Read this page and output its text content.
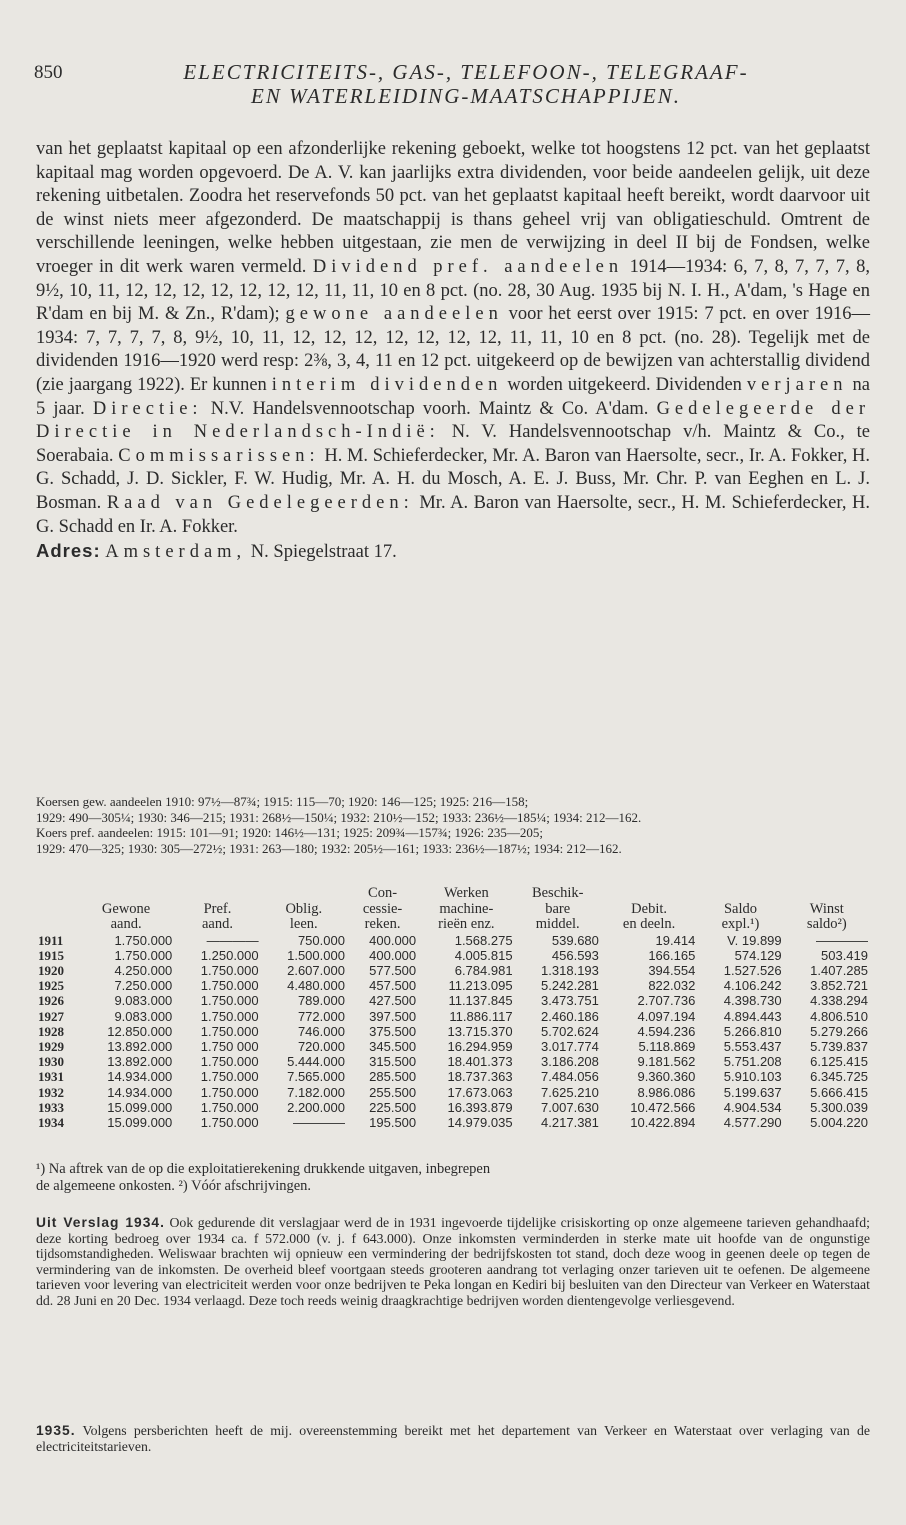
850	ELECTRICITEITS-, GAS-, TELEFOON-, TELEGRAAF-
EN WATERLEIDING-MAATSCHAPPIJEN.

van het geplaatst kapitaal op een afzonderlijke rekening geboekt, welke tot hoogstens 12 pct. van het geplaatst kapitaal mag worden opgevoerd. De A. V. kan jaarlijks extra dividenden, voor beide aandeelen gelijk, uit deze rekening uitbetalen. Zoodra het reservefonds 50 pct. van het geplaatst kapitaal heeft bereikt, wordt daarvoor uit de winst niets meer afgezonderd. De maatschappij is thans geheel vrij van obligatieschuld. Omtrent de verschillende leeningen, welke hebben uitgestaan, zie men de verwijzing in deel II bij de Fondsen, welke vroeger in dit werk waren vermeld. Dividend pref. aandeelen 1914—1934: 6, 7, 8, 7, 7, 7, 8, 9½, 10, 11, 12, 12, 12, 12, 12, 12, 12, 11, 11, 10 en 8 pct. (no. 28, 30 Aug. 1935 bij N. I. H., A'dam, 's Hage en R'dam en bij M. & Zn., R'dam); gewone aandeelen voor het eerst over 1915: 7 pct. en over 1916—1934: 7, 7, 7, 7, 8, 9½, 10, 11, 12, 12, 12, 12, 12, 12, 12, 11, 11, 10 en 8 pct. (no. 28). Tegelijk met de dividenden 1916—1920 werd resp: 2⅜, 3, 4, 11 en 12 pct. uitgekeerd op de bewijzen van achterstallig dividend (zie jaargang 1922). Er kunnen interim dividenden worden uitgekeerd. Dividenden verjaren na 5 jaar. Directie: N.V. Handelsvennootschap voorh. Maintz & Co. A'dam. Gedelegeerde der Directie in Nederlandsch-Indië: N. V. Handelsvennootschap v/h. Maintz & Co., te Soerabaia. Commissarissen: H. M. Schieferdecker, Mr. A. Baron van Haersolte, secr., Ir. A. Fokker, H. G. Schadd, J. D. Sickler, F. W. Hudig, Mr. A. H. du Mosch, A. E. J. Buss, Mr. Chr. P. van Eeghen en L. J. Bosman. Raad van Gedelegeerden: Mr. A. Baron van Haersolte, secr., H. M. Schieferdecker, H. G. Schadd en Ir. A. Fokker.

Adres: Amsterdam, N. Spiegelstraat 17.

Koersen gew. aandeelen 1910: 97½—87¾; 1915: 115—70; 1920: 146—125; 1925: 216—158;
1929: 490—305¼; 1930: 346—215; 1931: 268½—150¼; 1932: 210½—152; 1933: 236½—185¼; 1934: 212—162.
Koers pref. aandeelen: 1915: 101—91; 1920: 146½—131; 1925: 209¾—157¾; 1926: 235—205;
1929: 470—325; 1930: 305—272½; 1931: 263—180; 1932: 205½—161; 1933: 236½—187½; 1934: 212—162.
				Con-	Werken	Beschik-			
	Gewone	Pref.	Oblig.	cessie-	machine-	bare	Debit.	Saldo	Winst
	aand.	aand.	leen.	reken.	rieën enz.	middel.	en deeln.	expl.¹)	saldo²)
1911	1.750.000	————	750.000	400.000	1.568.275	539.680	19.414	V. 19.899	————
1915	1.750.000	1.250.000	1.500.000	400.000	4.005.815	456.593	166.165	574.129	503.419
1920	4.250.000	1.750.000	2.607.000	577.500	6.784.981	1.318.193	394.554	1.527.526	1.407.285
1925	7.250.000	1.750.000	4.480.000	457.500	11.213.095	5.242.281	822.032	4.106.242	3.852.721
1926	9.083.000	1.750.000	789.000	427.500	11.137.845	3.473.751	2.707.736	4.398.730	4.338.294
1927	9.083.000	1.750.000	772.000	397.500	11.886.117	2.460.186	4.097.194	4.894.443	4.806.510
1928	12.850.000	1.750.000	746.000	375.500	13.715.370	5.702.624	4.594.236	5.266.810	5.279.266
1929	13.892.000	1.750 000	720.000	345.500	16.294.959	3.017.774	5.118.869	5.553.437	5.739.837
1930	13.892.000	1.750.000	5.444.000	315.500	18.401.373	3.186.208	9.181.562	5.751.208	6.125.415
1931	14.934.000	1.750.000	7.565.000	285.500	18.737.363	7.484.056	9.360.360	5.910.103	6.345.725
1932	14.934.000	1.750.000	7.182.000	255.500	17.673.063	7.625.210	8.986.086	5.199.637	5.666.415
1933	15.099.000	1.750.000	2.200.000	225.500	16.393.879	7.007.630	10.472.566	4.904.534	5.300.039
1934	15.099.000	1.750.000	————	195.500	14.979.035	4.217.381	10.422.894	4.577.290	5.004.220
¹) Na aftrek van de op die exploitatierekening drukkende uitgaven, inbegrepen
de algemeene onkosten. ²) Vóór afschrijvingen.
Uit Verslag 1934. Ook gedurende dit verslagjaar werd de in 1931 ingevoerde tijdelijke crisiskorting op onze algemeene tarieven gehandhaafd; deze korting bedroeg over 1934 ca. f 572.000 (v. j. f 643.000). Onze inkomsten verminderden in sterke mate uit hoofde van de ongunstige tijdsomstandigheden. Weliswaar brachten wij opnieuw een vermindering der bedrijfskosten tot stand, doch deze woog in geenen deele op tegen de vermindering van de inkomsten. De overheid bleef voortgaan steeds grooteren aandrang tot verlaging onzer tarieven uit te oefenen. De algemeene tarieven voor levering van electriciteit werden voor onze bedrijven te Peka longan en Kediri bij besluiten van den Directeur van Verkeer en Waterstaat dd. 28 Juni en 20 Dec. 1934 verlaagd. Deze toch reeds weinig draagkrachtige bedrijven worden dientengevolge verliesgevend.
1935. Volgens persberichten heeft de mij. overeenstemming bereikt met het departement van Verkeer en Waterstaat over verlaging van de electriciteitstarieven.
